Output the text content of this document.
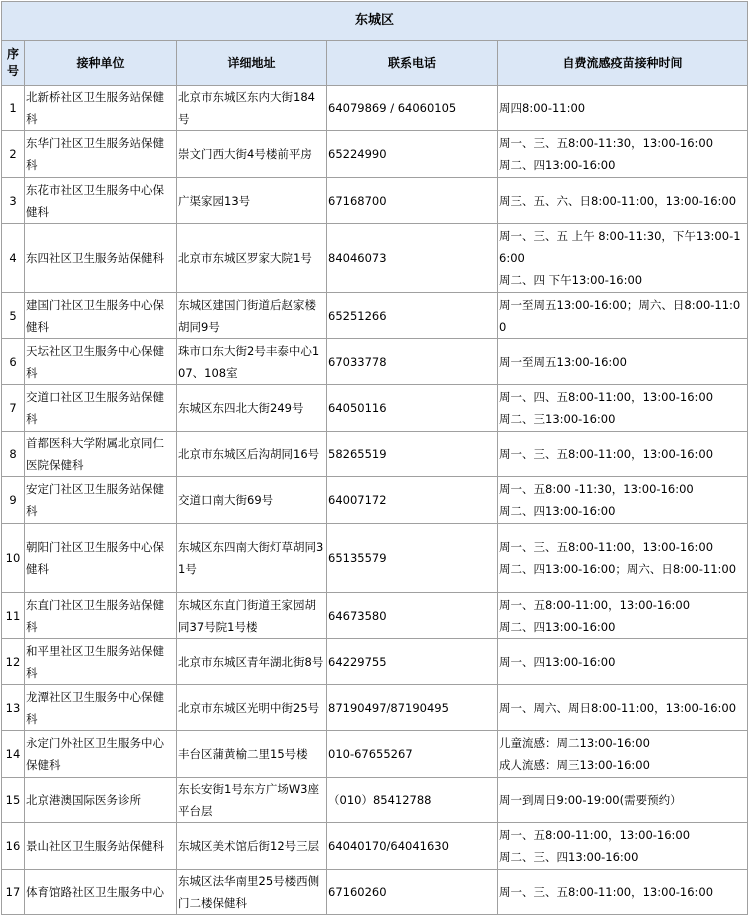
东城区				
序号	接种单位	详细地址	联系电话	自费流感疫苗接种时间
1	北新桥社区卫生服务站保健科	北京市东城区东内大街184号	64079869 / 64060105	周四8:00-11:00

2	东华门社区卫生服务站保健科	崇文门西大街4号楼前平房	65224990	周一、三、五8:00-11:30，13:00-16:00
周二、四13:00-16:00

3	东花市社区卫生服务中心保健科	广渠家园13号	67168700	周三、五、六、日8:00-11:00，13:00-16:00

4	东四社区卫生服务站保健科	北京市东城区罗家大院1号	84046073	周一、三、五 上午 8:00-11:30，下午13:00-16:00
周二、四 下午13:00-16:00

5	建国门社区卫生服务中心保健科	东城区建国门街道后赵家楼胡同9号	65251266	周一至周五13:00-16:00；周六、日8:00-11:00

6	天坛社区卫生服务中心保健科	珠市口东大街2号丰泰中心107、108室	67033778	周一至周五13:00-16:00

7	交道口社区卫生服务站保健科	东城区东四北大街249号	64050116	周一、四、五8:00-11:00，13:00-16:00
周二、三13:00-16:00

8	首都医科大学附属北京同仁医院保健科	北京市东城区后沟胡同16号	58265519	周一、三、五8:00-11:00，13:00-16:00

9	安定门社区卫生服务站保健科	交道口南大街69号	64007172	周一、五8:00 -11:30，13:00-16:00
周二、四13:00-16:00

10	朝阳门社区卫生服务中心保健科	东城区东四南大街灯草胡同31号	65135579	周一、三、五8:00-11:00，13:00-16:00
周二、四13:00-16:00；周六、日8:00-11:00

11	东直门社区卫生服务站保健科	东城区东直门街道王家园胡同37号院1号楼	64673580	周一、五8:00-11:00，13:00-16:00
周二、四13:00-16:00

12	和平里社区卫生服务站保健科	北京市东城区青年湖北街8号	64229755	周一、四13:00-16:00

13	龙潭社区卫生服务中心保健科	北京市东城区光明中街25号	87190497/87190495	周一、周六、周日8:00-11:00，13:00-16:00

14	永定门外社区卫生服务中心保健科	丰台区蒲黄榆二里15号楼	010-67655267	儿童流感：周二13:00-16:00
成人流感：周三13:00-16:00

15	北京港澳国际医务诊所	东长安街1号东方广场W3座平台层	（010）85412788	周一到周日9:00-19:00(需要预约）

16	景山社区卫生服务站保健科	东城区美术馆后街12号三层	64040170/64041630	周一、五8:00-11:00，13:00-16:00
周二、三、四13:00-16:00

17	体育馆路社区卫生服务中心	东城区法华南里25号楼西侧门二楼保健科	67160260	周一、三、五8:00-11:00，13:00-16:00
